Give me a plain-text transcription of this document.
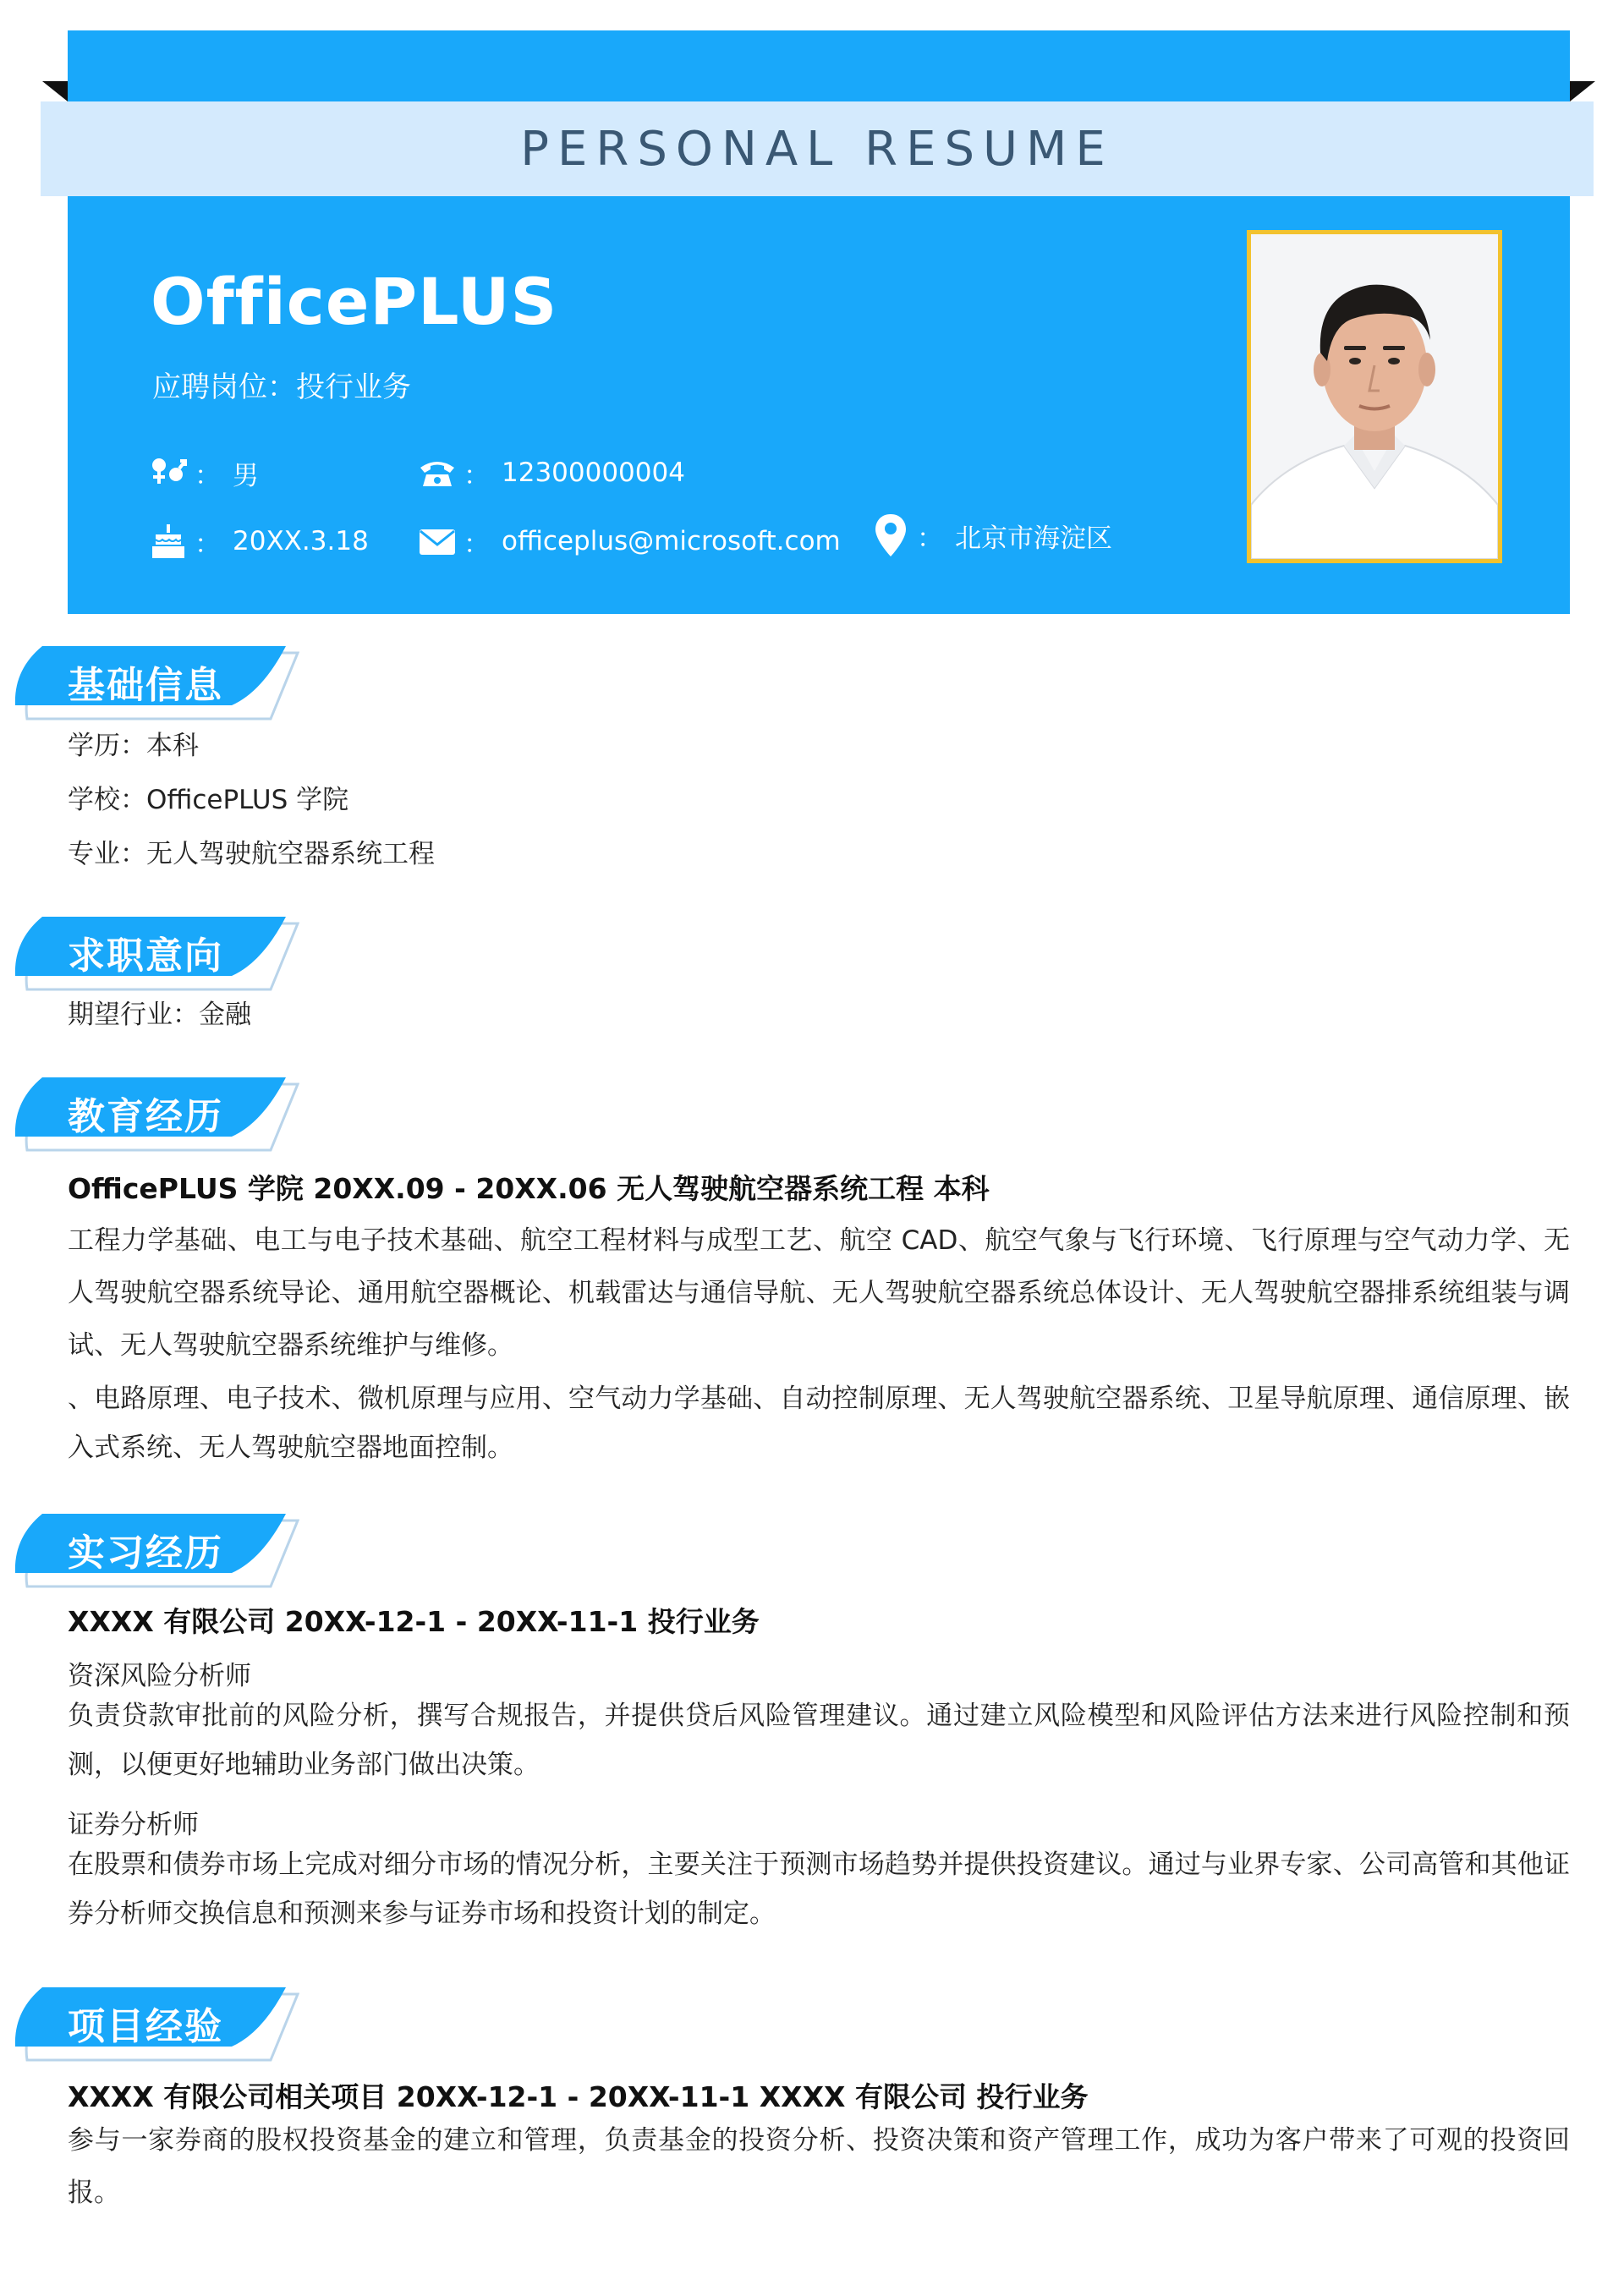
PERSONAL RESUME
OfficePLUS
应聘岗位：投行业务
： 男	： 12300000004
： 20XX.3.18	： officeplus@microsoft.com	： 北京市海淀区
基础信息
学历：本科
学校：OfficePLUS 学院
专业：无人驾驶航空器系统工程
求职意向
期望行业：金融
教育经历
OfficePLUS 学院 20XX.09 - 20XX.06 无人驾驶航空器系统工程 本科
工程力学基础、电工与电子技术基础、航空工程材料与成型工艺、航空 CAD、航空气象与飞行环境、飞行原理与空气动力学、无人驾驶航空器系统导论、通用航空器概论、机载雷达与通信导航、无人驾驶航空器系统总体设计、无人驾驶航空器排系统组装与调试、无人驾驶航空器系统维护与维修。
、电路原理、电子技术、微机原理与应用、空气动力学基础、自动控制原理、无人驾驶航空器系统、卫星导航原理、通信原理、嵌入式系统、无人驾驶航空器地面控制。
实习经历
XXXX 有限公司 20XX-12-1 - 20XX-11-1 投行业务
资深风险分析师
负责贷款审批前的风险分析，撰写合规报告，并提供贷后风险管理建议。通过建立风险模型和风险评估方法来进行风险控制和预测，以便更好地辅助业务部门做出决策。
证券分析师
在股票和债券市场上完成对细分市场的情况分析，主要关注于预测市场趋势并提供投资建议。通过与业界专家、公司高管和其他证券分析师交换信息和预测来参与证券市场和投资计划的制定。
项目经验
XXXX 有限公司相关项目 20XX-12-1 - 20XX-11-1 XXXX 有限公司 投行业务
参与一家券商的股权投资基金的建立和管理，负责基金的投资分析、投资决策和资产管理工作，成功为客户带来了可观的投资回报。
